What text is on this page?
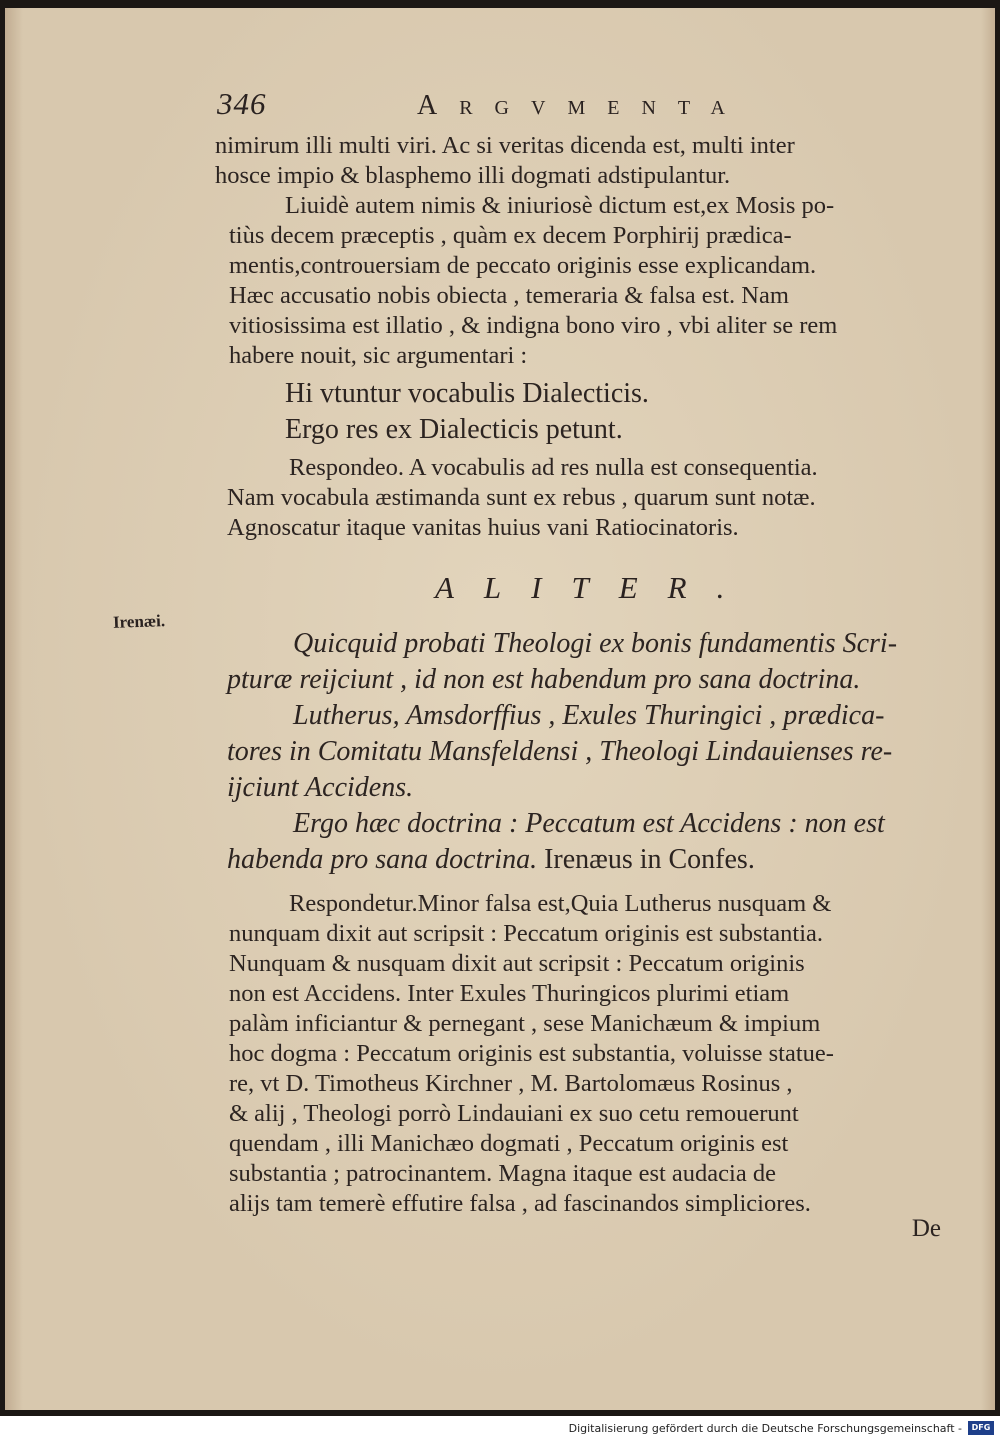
346	Argvmenta
nimirum illi multi viri. Ac si veritas dicenda est, multi inter
hosce impio & blasphemo illi dogmati adstipulantur.
Liuidè autem nimis & iniuriosè dictum est,ex Mosis po-
tiùs decem præceptis , quàm ex decem Porphirij prædica-
mentis,controuersiam de peccato originis esse explicandam.
Hæc accusatio nobis obiecta , temeraria & falsa est. Nam
vitiosissima est illatio , & indigna bono viro , vbi aliter se rem
habere nouit, sic argumentari :
Hi vtuntur vocabulis Dialecticis.
Ergo res ex Dialecticis petunt.
Respondeo. A vocabulis ad res nulla est consequentia.
Nam vocabula æstimanda sunt ex rebus , quarum sunt notæ.
Agnoscatur itaque vanitas huius vani Ratiocinatoris.
ALITER.
Irenæi.
Quicquid probati Theologi ex bonis fundamentis Scri-
pturæ reijciunt , id non est habendum pro sana doctrina.
Lutherus, Amsdorffius , Exules Thuringici , prædica-
tores in Comitatu Mansfeldensi , Theologi Lindauienses re-
ijciunt Accidens.
Ergo hæc doctrina : Peccatum est Accidens : non est
habenda pro sana doctrina. Irenæus in Confes.
Respondetur.Minor falsa est,Quia Lutherus nusquam &
nunquam dixit aut scripsit : Peccatum originis est substantia.
Nunquam & nusquam dixit aut scripsit : Peccatum originis
non est Accidens. Inter Exules Thuringicos plurimi etiam
palàm inficiantur & pernegant , sese Manichæum & impium
hoc dogma : Peccatum originis est substantia, voluisse statue-
re, vt D. Timotheus Kirchner , M. Bartolomæus Rosinus ,
& alij , Theologi porrò Lindauiani ex suo cetu remouerunt
quendam , illi Manichæo dogmati , Peccatum originis est
substantia ; patrocinantem. Magna itaque est audacia de
alijs tam temerè effutire falsa , ad fascinandos simpliciores.
De
Digitalisierung gefördert durch die Deutsche Forschungsgemeinschaft -	DFG
